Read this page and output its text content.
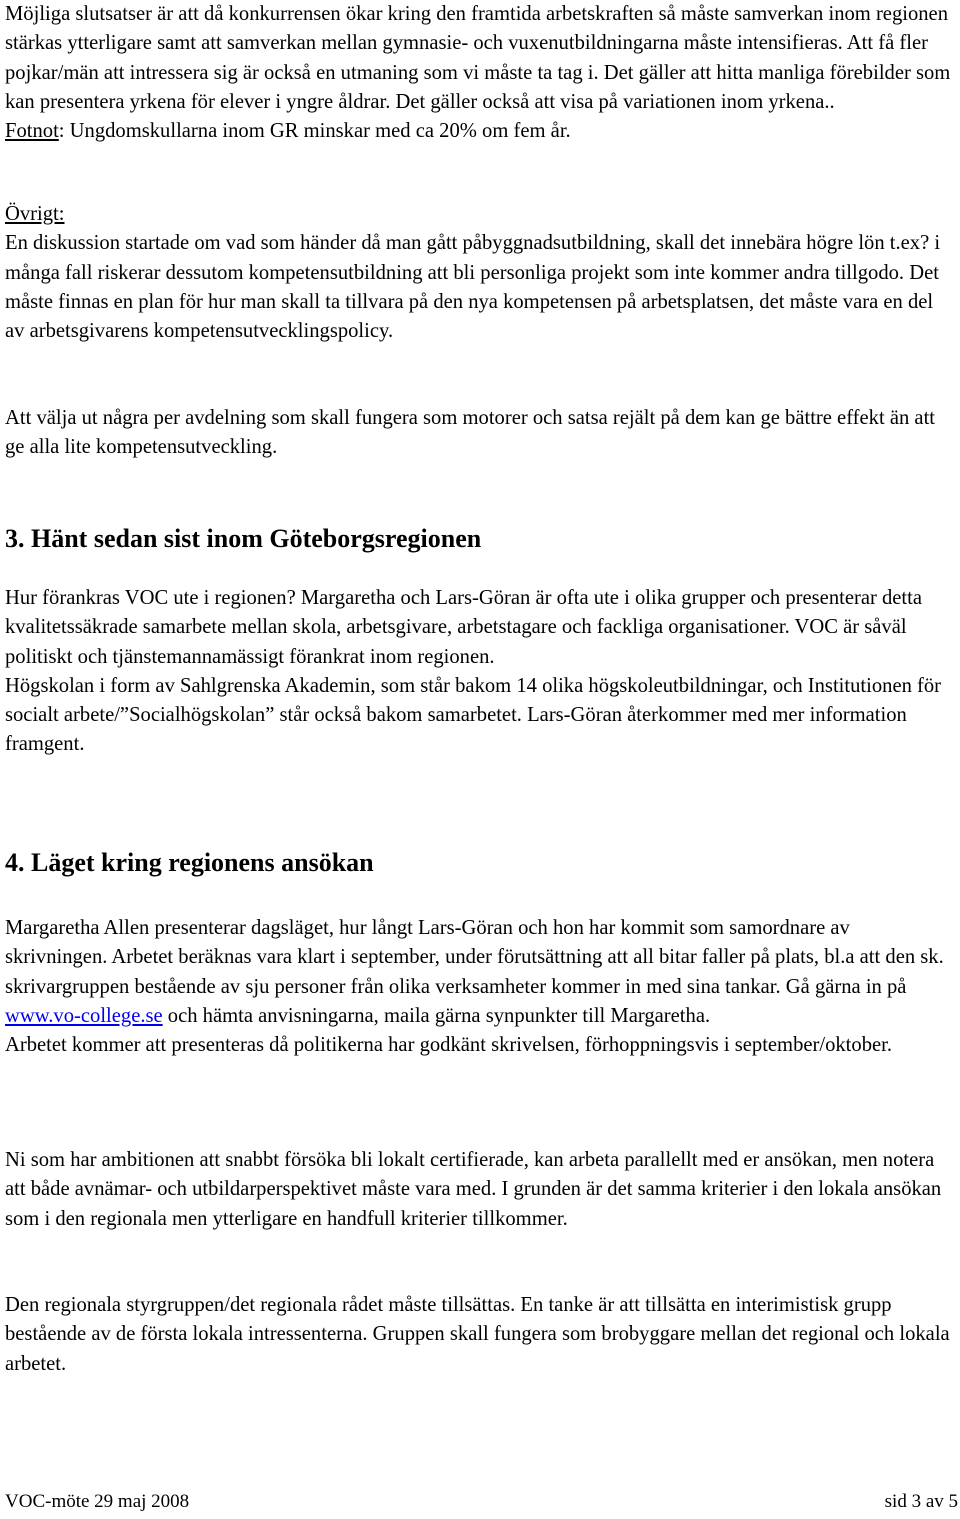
Möjliga slutsatser är att då konkurrensen ökar kring den framtida arbetskraften så måste samverkan inom regionen stärkas ytterligare samt att samverkan mellan gymnasie- och vuxenutbildningarna måste intensifieras. Att få fler pojkar/män att intressera sig är också en utmaning som vi måste ta tag i. Det gäller att hitta manliga förebilder som kan presentera yrkena för elever i yngre åldrar. Det gäller också att visa på variationen inom yrkena..
Fotnot: Ungdomskullarna inom GR minskar med ca 20% om fem år.

Övrigt:

En diskussion startade om vad som händer då man gått påbyggnadsutbildning, skall det innebära högre lön t.ex? i många fall riskerar dessutom kompetensutbildning att bli personliga projekt som inte kommer andra tillgodo. Det måste finnas en plan för hur man skall ta tillvara på den nya kompetensen på arbetsplatsen, det måste vara en del av arbetsgivarens kompetensutvecklingspolicy.

Att välja ut några per avdelning som skall fungera som motorer och satsa rejält på dem kan ge bättre effekt än att ge alla lite kompetensutveckling.

3. Hänt sedan sist inom Göteborgsregionen

Hur förankras VOC ute i regionen? Margaretha och Lars-Göran är ofta ute i olika grupper och presenterar detta kvalitetssäkrade samarbete mellan skola, arbetsgivare, arbetstagare och fackliga organisationer. VOC är såväl politiskt och tjänstemannamässigt förankrat inom regionen.

Högskolan i form av Sahlgrenska Akademin, som står bakom 14 olika högskoleutbildningar, och Institutionen för socialt arbete/”Socialhögskolan” står också bakom samarbetet. Lars-Göran återkommer med mer information framgent.

4. Läget kring regionens ansökan

Margaretha Allen presenterar dagsläget, hur långt Lars-Göran och hon har kommit som samordnare av skrivningen. Arbetet beräknas vara klart i september, under förutsättning att all bitar faller på plats, bl.a att den sk. skrivargruppen bestående av sju personer från olika verksamheter kommer in med sina tankar. Gå gärna in på www.vo-college.se och hämta anvisningarna, maila gärna synpunkter till Margaretha.

Arbetet kommer att presenteras då politikerna har godkänt skrivelsen, förhoppningsvis i september/oktober.

Ni som har ambitionen att snabbt försöka bli lokalt certifierade, kan arbeta parallellt med er ansökan, men notera att både avnämar- och utbildarperspektivet måste vara med. I grunden är det samma kriterier i den lokala ansökan som i den regionala men ytterligare en handfull kriterier tillkommer.

Den regionala styrgruppen/det regionala rådet måste tillsättas. En tanke är att tillsätta en interimistisk grupp bestående av de första lokala intressenterna. Gruppen skall fungera som brobyggare mellan det regional och lokala arbetet.

VOC-möte 29 maj 2008	sid 3 av 5
